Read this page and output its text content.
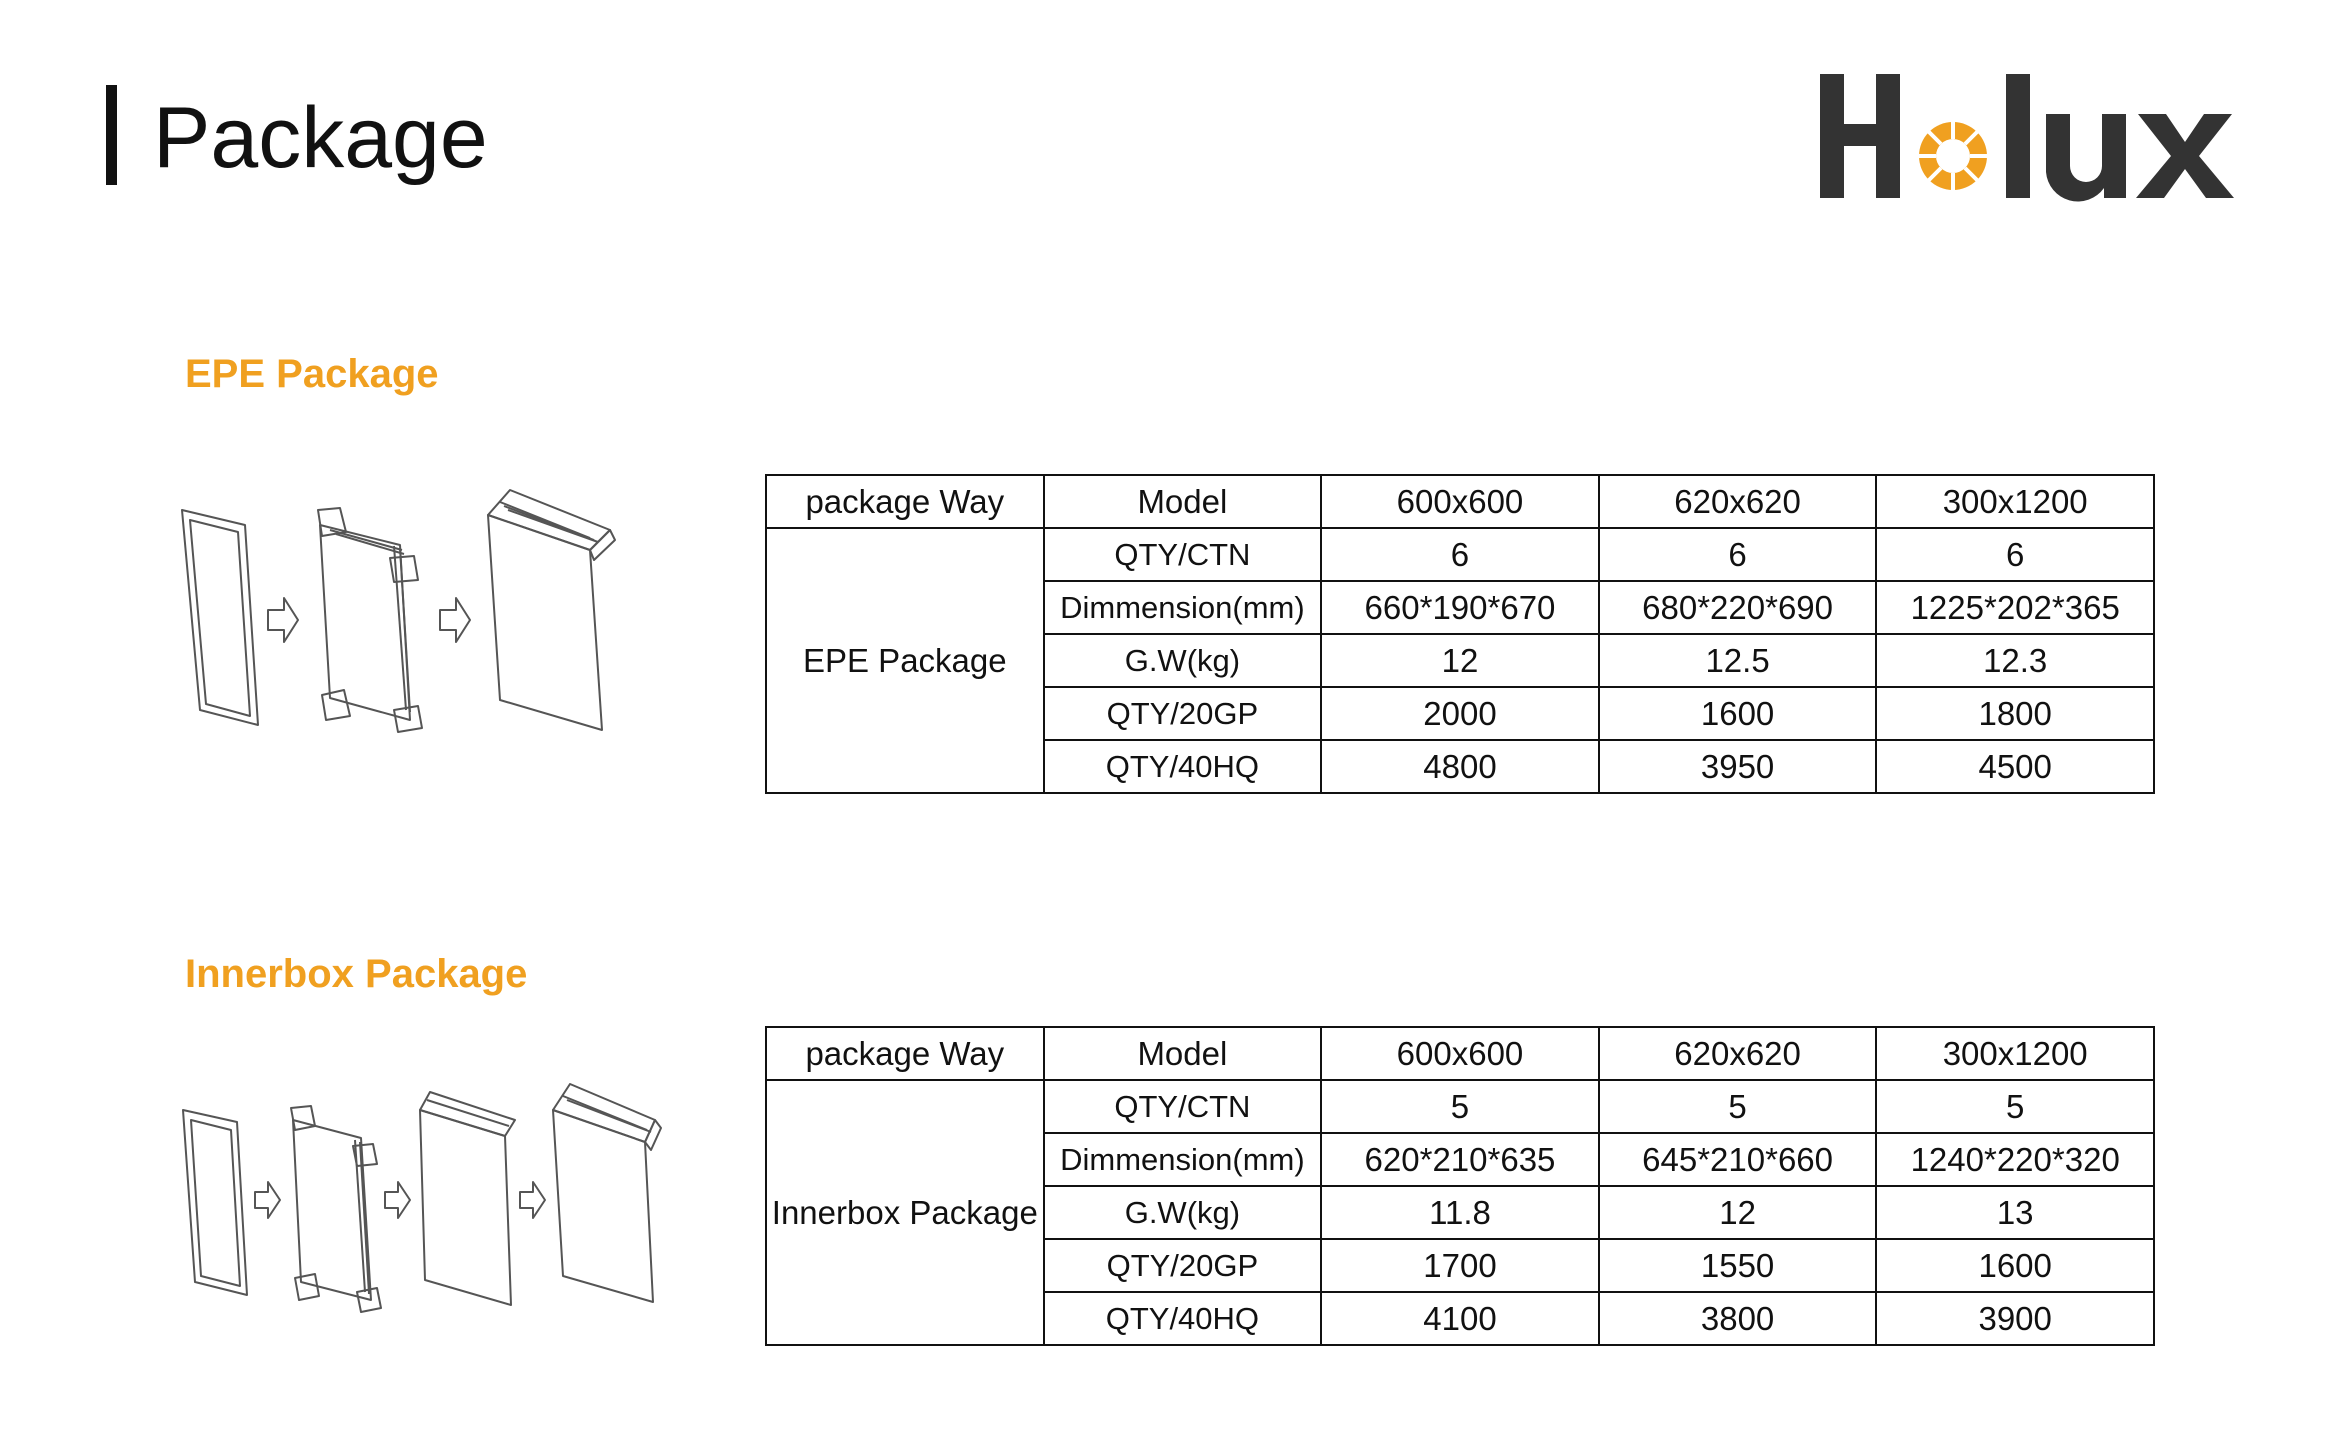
Package
EPE Package
package Way	Model	600x600	620x620	300x1200
EPE Package	QTY/CTN	6	6	6
	Dimmension(mm)	660*190*670	680*220*690	1225*202*365
	G.W(kg)	12	12.5	12.3
	QTY/20GP	2000	1600	1800
	QTY/40HQ	4800	3950	4500
Innerbox Package
package Way	Model	600x600	620x620	300x1200
Innerbox Package	QTY/CTN	5	5	5
	Dimmension(mm)	620*210*635	645*210*660	1240*220*320
	G.W(kg)	11.8	12	13
	QTY/20GP	1700	1550	1600
	QTY/40HQ	4100	3800	3900
